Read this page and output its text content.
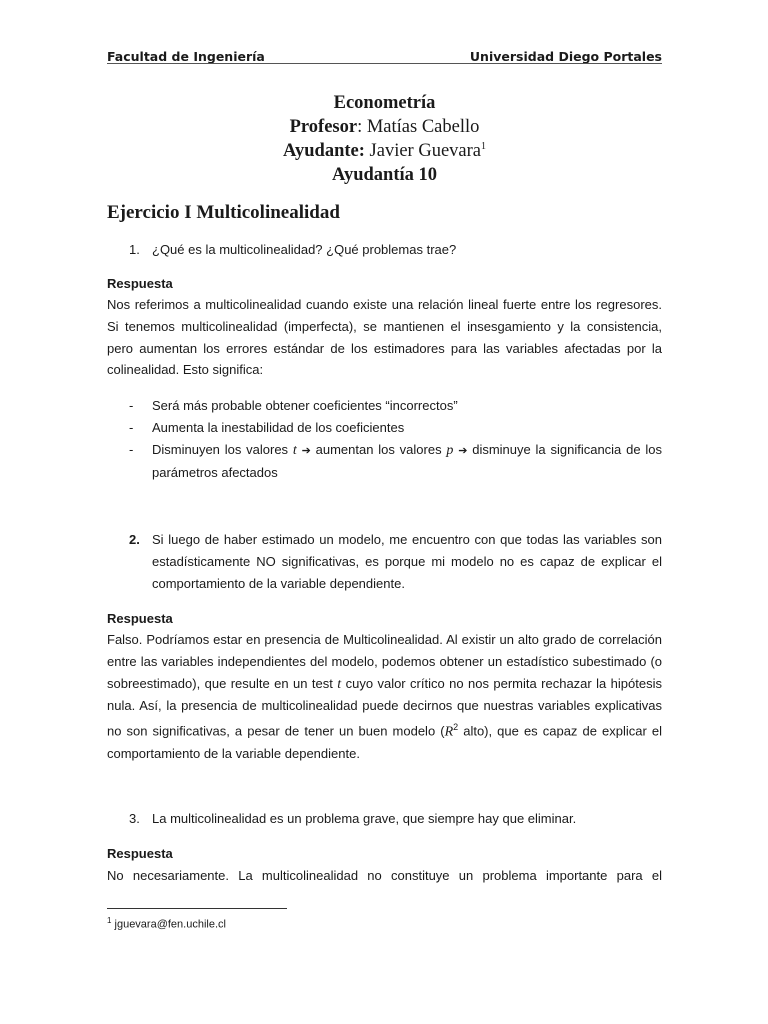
Facultad de Ingeniería	Universidad Diego Portales
Econometría
Profesor: Matías Cabello
Ayudante: Javier Guevara$^1$
Ayudantía 10
Ejercicio I Multicolinealidad
1. ¿Qué es la multicolinealidad? ¿Qué problemas trae?
Respuesta
Nos referimos a multicolinealidad cuando existe una relación lineal fuerte entre los regresores. Si tenemos multicolinealidad (imperfecta), se mantienen el insesgamiento y la consistencia, pero aumentan los errores estándar de los estimadores para las variables afectadas por la colinealidad. Esto significa:
- Será más probable obtener coeficientes “incorrectos”
- Aumenta la inestabilidad de los coeficientes
- Disminuyen los valores t ➔ aumentan los valores p ➔ disminuye la significancia de los parámetros afectados
2. Si luego de haber estimado un modelo, me encuentro con que todas las variables son estadísticamente NO significativas, es porque mi modelo no es capaz de explicar el comportamiento de la variable dependiente.
Respuesta
Falso. Podríamos estar en presencia de Multicolinealidad. Al existir un alto grado de correlación entre las variables independientes del modelo, podemos obtener un estadístico subestimado (o sobreestimado), que resulte en un test t cuyo valor crítico no nos permita rechazar la hipótesis nula. Así, la presencia de multicolinealidad puede decirnos que nuestras variables explicativas no son significativas, a pesar de tener un buen modelo ($R^2$ alto), que es capaz de explicar el comportamiento de la variable dependiente.
3. La multicolinealidad es un problema grave, que siempre hay que eliminar.
Respuesta
No necesariamente. La multicolinealidad no constituye un problema importante para el
$^1$ jguevara@fen.uchile.cl
